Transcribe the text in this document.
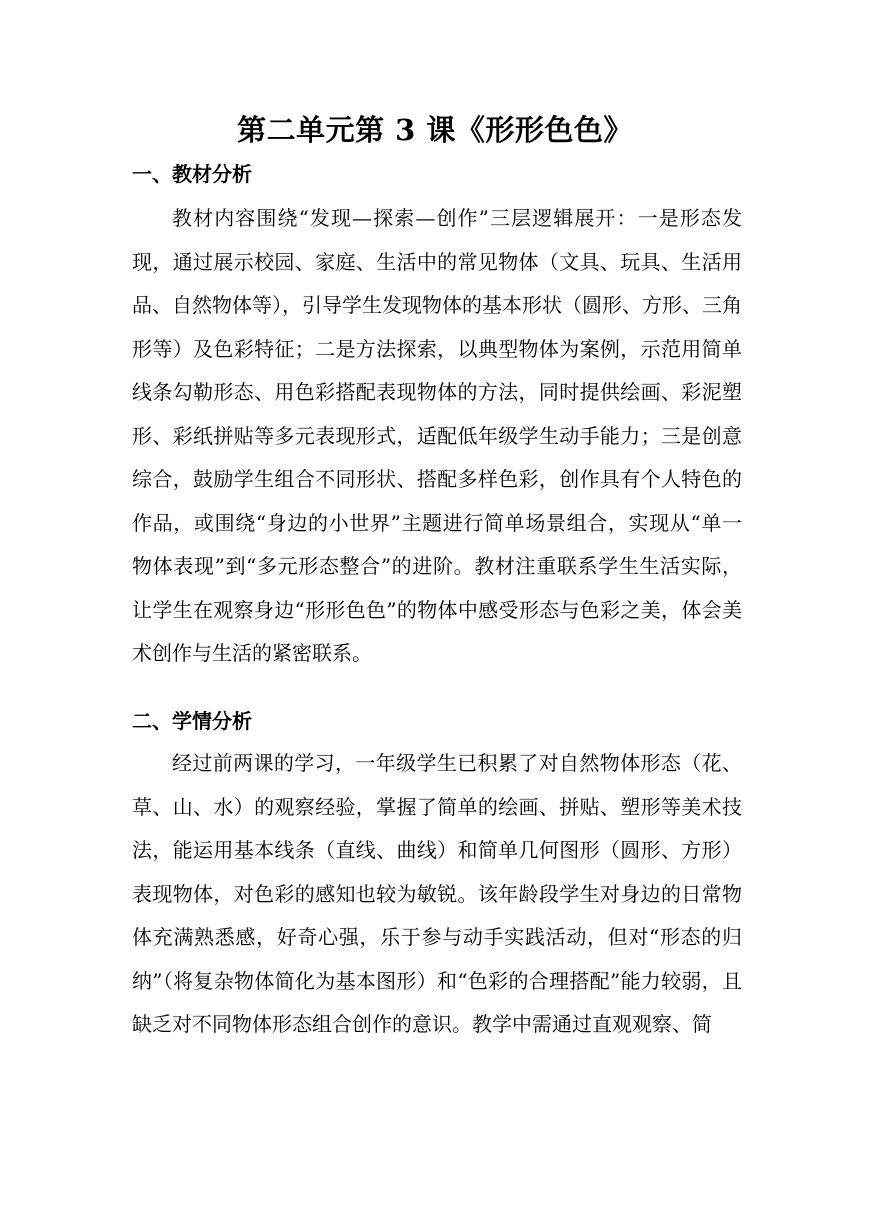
第二单元第 3 课《形形色色》
一、教材分析

教材内容围绕“发现—探索—创作”三层逻辑展开：一是形态发现，通过展示校园、家庭、生活中的常见物体（文具、玩具、生活用品、自然物体等），引导学生发现物体的基本形状（圆形、方形、三角形等）及色彩特征；二是方法探索，以典型物体为案例，示范用简单线条勾勒形态、用色彩搭配表现物体的方法，同时提供绘画、彩泥塑形、彩纸拼贴等多元表现形式，适配低年级学生动手能力；三是创意综合，鼓励学生组合不同形状、搭配多样色彩，创作具有个人特色的作品，或围绕“身边的小世界”主题进行简单场景组合，实现从“单一物体表现”到“多元形态整合”的进阶。教材注重联系学生生活实际，让学生在观察身边“形形色色”的物体中感受形态与色彩之美，体会美术创作与生活的紧密联系。

二、学情分析

经过前两课的学习，一年级学生已积累了对自然物体形态（花、草、山、水）的观察经验，掌握了简单的绘画、拼贴、塑形等美术技法，能运用基本线条（直线、曲线）和简单几何图形（圆形、方形）表现物体，对色彩的感知也较为敏锐。该年龄段学生对身边的日常物体充满熟悉感，好奇心强，乐于参与动手实践活动，但对“形态的归纳”（将复杂物体简化为基本图形）和“色彩的合理搭配”能力较弱，且缺乏对不同物体形态组合创作的意识。教学中需通过直观观察、简
